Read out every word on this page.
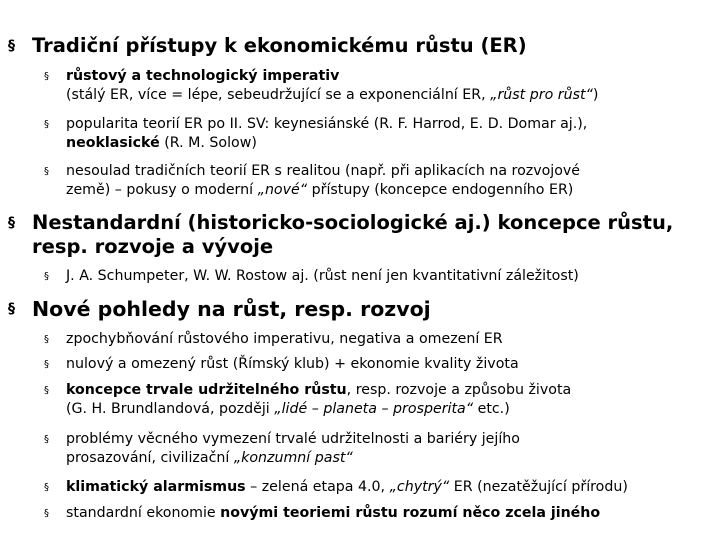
§ Tradiční přístupy k ekonomickému růstu (ER)
§	růstový a technologický imperativ
(stálý ER, více = lépe, sebeudržující se a exponenciální ER, „růst pro růst“)
§	popularita teorií ER po II. SV: keynesiánské (R. F. Harrod, E. D. Domar aj.),
neoklasické (R. M. Solow)
§	nesoulad tradičních teorií ER s realitou (např. při aplikacích na rozvojové
země) – pokusy o moderní „nové“ přístupy (koncepce endogenního ER)
§ Nestandardní (historicko-sociologické aj.) koncepce růstu,
resp. rozvoje a vývoje
§	J. A. Schumpeter, W. W. Rostow aj. (růst není jen kvantitativní záležitost)
§ Nové pohledy na růst, resp. rozvoj
§	zpochybňování růstového imperativu, negativa a omezení ER
§	nulový a omezený růst (Římský klub) + ekonomie kvality života
§	koncepce trvale udržitelného růstu, resp. rozvoje a způsobu života
(G. H. Brundlandová, později „lidé – planeta – prosperita“ etc.)
§	problémy věcného vymezení trvalé udržitelnosti a bariéry jejího
prosazování, civilizační „konzumní past“
§	klimatický alarmismus – zelená etapa 4.0, „chytrý“ ER (nezatěžující přírodu)
§	standardní ekonomie novými teoriemi růstu rozumí něco zcela jiného
